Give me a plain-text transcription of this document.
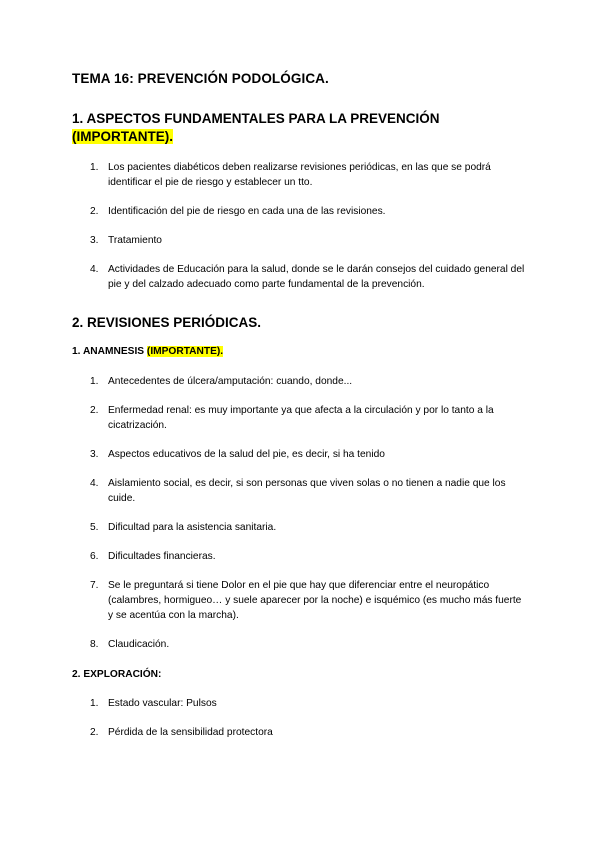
TEMA 16: PREVENCIÓN PODOLÓGICA.
1. ASPECTOS FUNDAMENTALES PARA LA PREVENCIÓN
(IMPORTANTE).
1. Los pacientes diabéticos deben realizarse revisiones periódicas, en las que se podrá identificar el pie de riesgo y establecer un tto.
2. Identificación del pie de riesgo en cada una de las revisiones.
3. Tratamiento
4. Actividades de Educación para la salud, donde se le darán consejos del cuidado general del pie y del calzado adecuado como parte fundamental de la prevención.
2. REVISIONES PERIÓDICAS.
1. ANAMNESIS (IMPORTANTE).
1. Antecedentes de úlcera/amputación: cuando, donde...
2. Enfermedad renal: es muy importante ya que afecta a la circulación y por lo tanto a la cicatrización.
3. Aspectos educativos de la salud del pie, es decir, si ha tenido
4. Aislamiento social, es decir, si son personas que viven solas o no tienen a nadie que los cuide.
5. Dificultad para la asistencia sanitaria.
6. Dificultades financieras.
7. Se le preguntará si tiene Dolor en el pie que hay que diferenciar entre el neuropático (calambres, hormigueo… y suele aparecer por la noche) e isquémico (es mucho más fuerte y se acentúa con la marcha).
8. Claudicación.
2. EXPLORACIÓN:
1. Estado vascular: Pulsos
2. Pérdida de la sensibilidad protectora
